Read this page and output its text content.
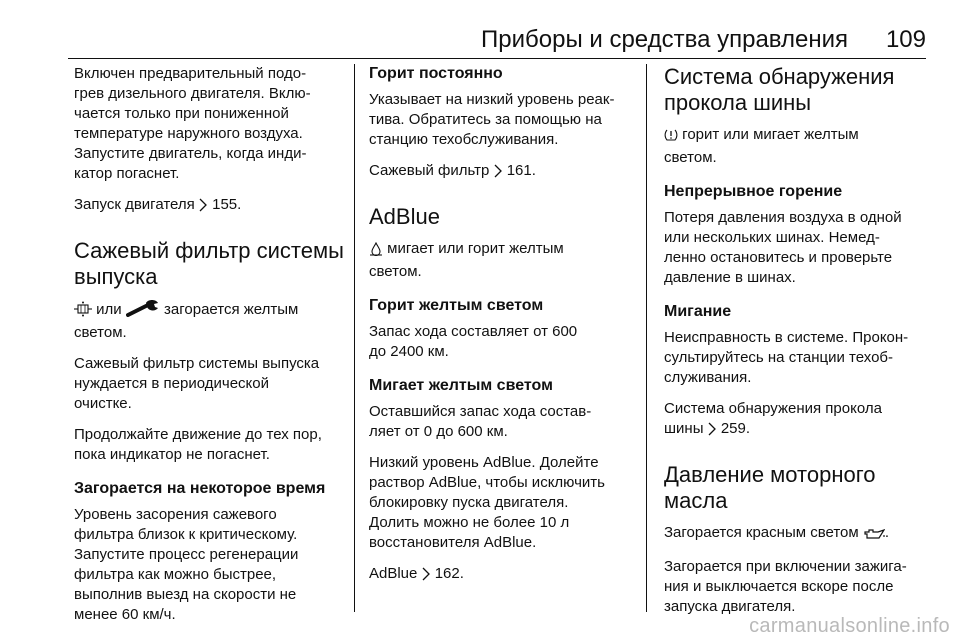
Приборы и средства управления 109

Включен предварительный подо-
грев дизельного двигателя. Вклю-
чается только при пониженной
температуре наружного воздуха.
Запустите двигатель, когда инди-
катор погаснет.

Запуск двигателя  155.

Сажевый фильтр системы
выпуска

или	загорается желтым
светом.

Сажевый фильтр системы выпуска
нуждается в периодической
очистке.

Продолжайте движение до тех пор,
пока индикатор не погаснет.

Загорается на некоторое время

Уровень засорения сажевого
фильтра близок к критическому.
Запустите процесс регенерации
фильтра как можно быстрее,
выполнив выезд на скорости не
менее 60 км/ч.

Горит постоянно

Указывает на низкий уровень реак-
тива. Обратитесь за помощью на
станцию техобслуживания.

Сажевый фильтр  161.

AdBlue

мигает или горит желтым
светом.

Горит желтым светом

Запас хода составляет от 600
до 2400 км.

Мигает желтым светом

Оставшийся запас хода состав-
ляет от 0 до 600 км.

Низкий уровень AdBlue. Долейте
раствор AdBlue, чтобы исключить
блокировку пуска двигателя.
Долить можно не более 10 л
восстановителя AdBlue.

AdBlue  162.

Система обнаружения
прокола шины

горит или мигает желтым
светом.

Непрерывное горение

Потеря давления воздуха в одной
или нескольких шинах. Немед-
ленно остановитесь и проверьте
давление в шинах.

Мигание

Неисправность в системе. Прокон-
сультируйтесь на станции техоб-
служивания.

Система обнаружения прокола
шины  259.

Давление моторного
масла

Загорается красным светом .

Загорается при включении зажига-
ния и выключается вскоре после
запуска двигателя.

carmanualsonline.info
